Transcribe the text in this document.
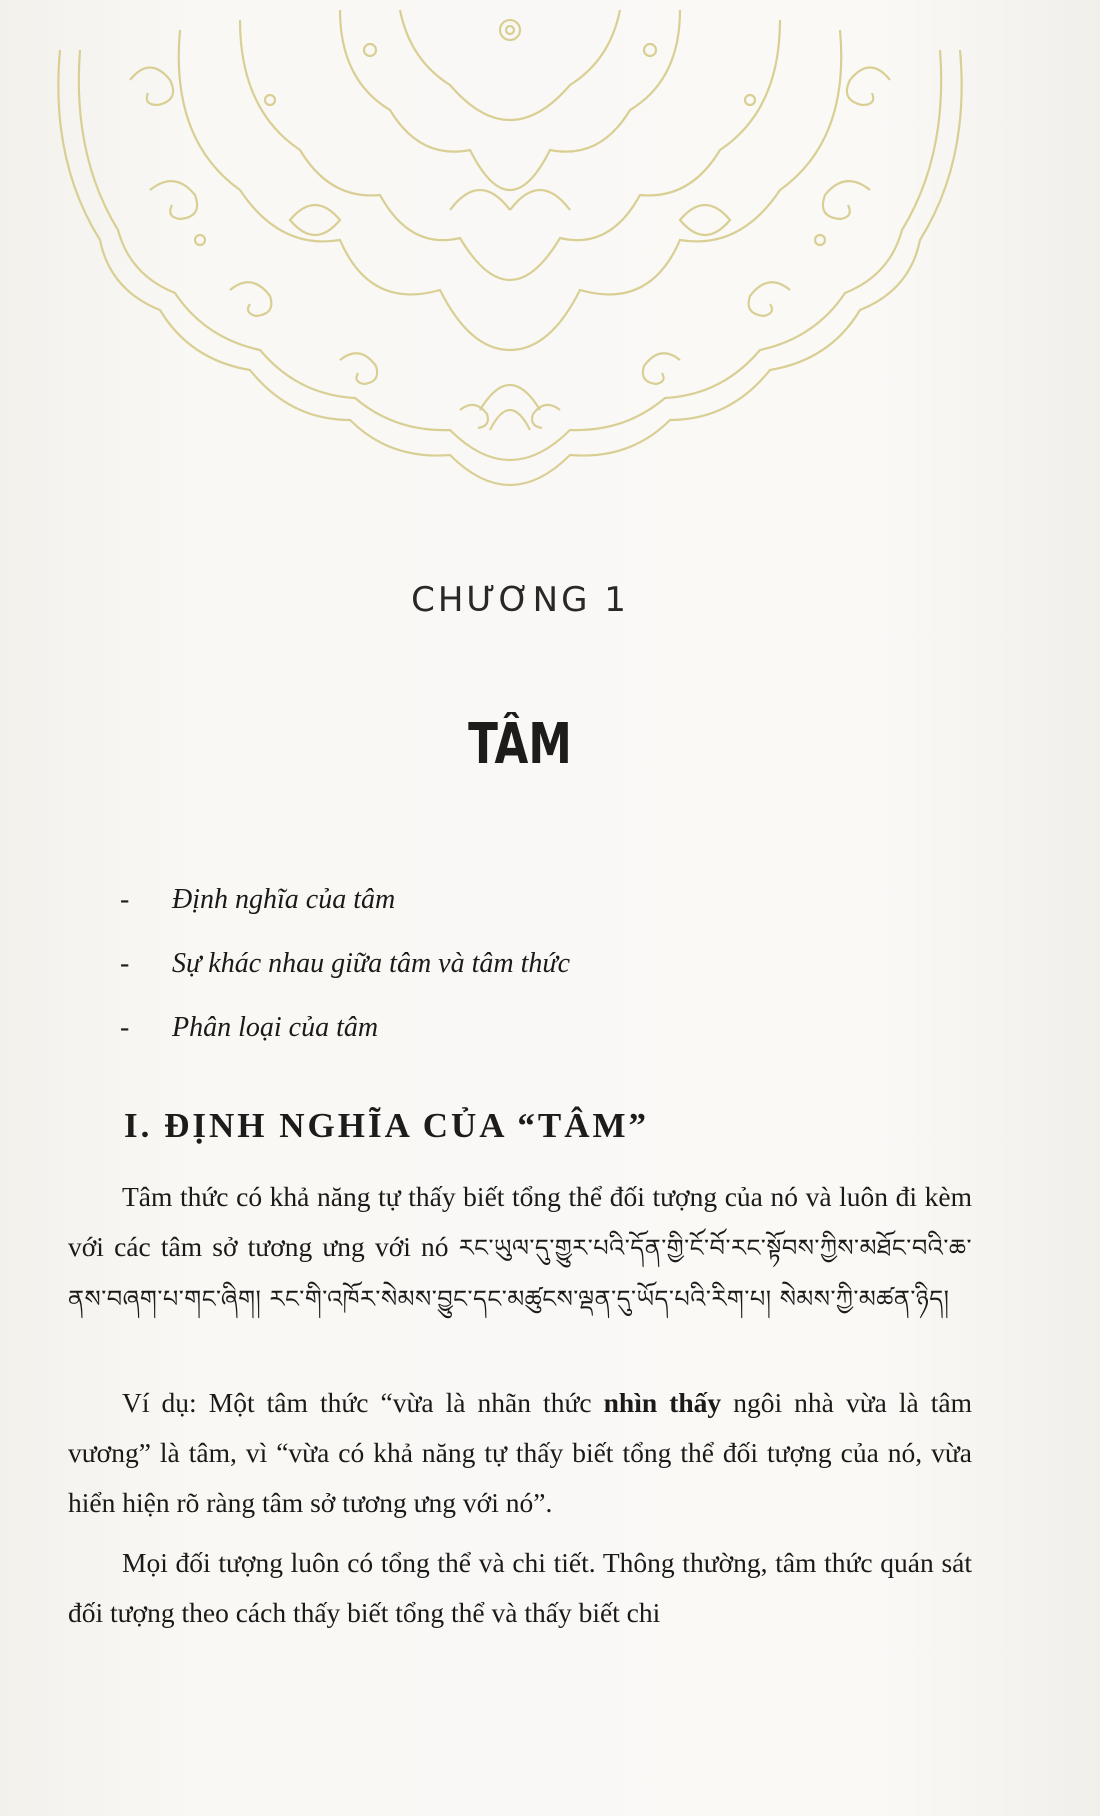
CHƯƠNG 1
TÂM
- Định nghĩa của tâm
- Sự khác nhau giữa tâm và tâm thức
- Phân loại của tâm
I. ĐỊNH NGHĨA CỦA “TÂM”

Tâm thức có khả năng tự thấy biết tổng thể đối tượng của nó và luôn đi kèm với các tâm sở tương ưng với nó རང་ཡུལ་དུ་གྱུར་པའི་དོན་གྱི་ངོ་བོ་རང་སྟོབས་ཀྱིས་མཐོང་བའི་ཆ་ནས་བཞག་པ་གང་ཞིག། རང་གི་འཁོར་སེམས་བྱུང་དང་མཚུངས་ལྡན་དུ་ཡོད་པའི་རིག་པ། སེམས་ཀྱི་མཚན་ཉིད།

Ví dụ: Một tâm thức “vừa là nhãn thức nhìn thấy ngôi nhà vừa là tâm vương” là tâm, vì “vừa có khả năng tự thấy biết tổng thể đối tượng của nó, vừa hiển hiện rõ ràng tâm sở tương ưng với nó”.

Mọi đối tượng luôn có tổng thể và chi tiết. Thông thường, tâm thức quán sát đối tượng theo cách thấy biết tổng thể và thấy biết chi
